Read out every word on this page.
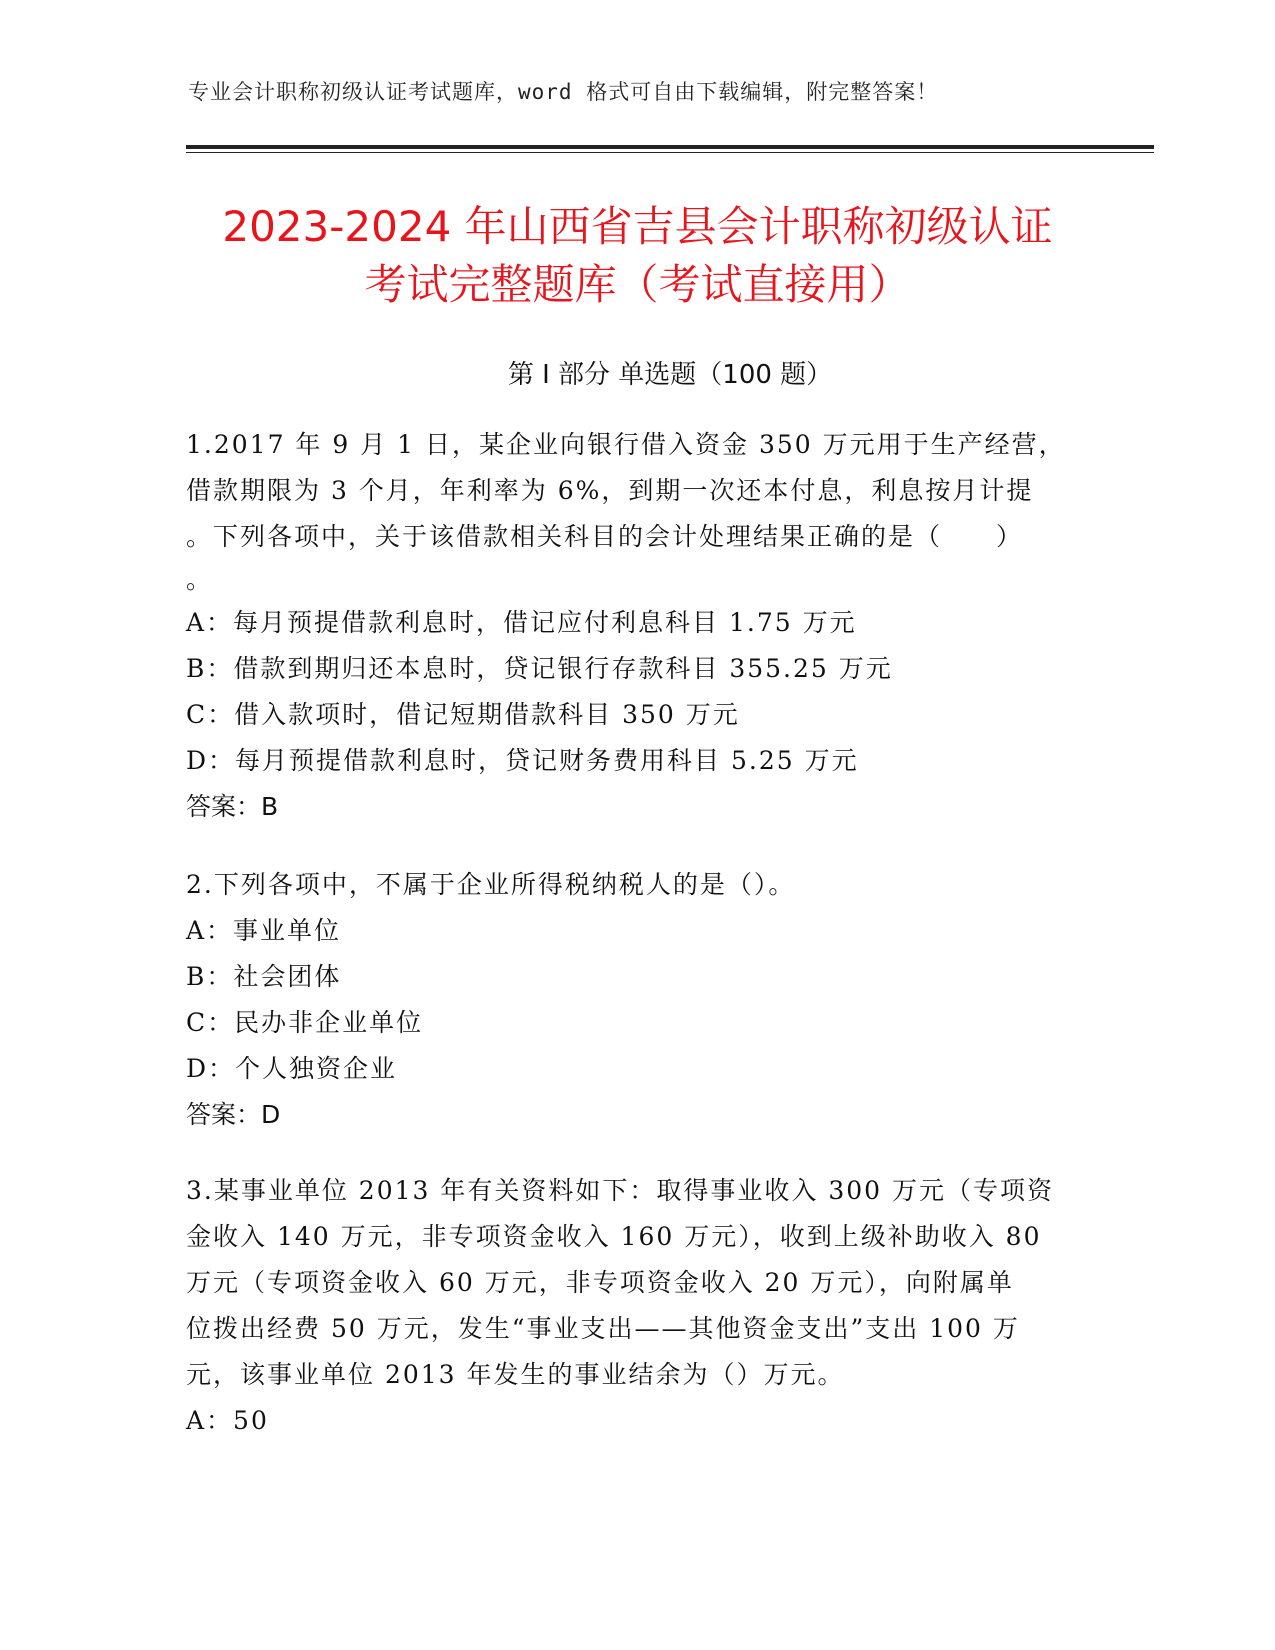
专业会计职称初级认证考试题库，word 格式可自由下载编辑，附完整答案！
2023-2024 年山西省吉县会计职称初级认证
考试完整题库（考试直接用）
第 I 部分 单选题（100 题）
1.2017 年 9 月 1 日，某企业向银行借入资金 350 万元用于生产经营，
借款期限为 3 个月，年利率为 6%，到期一次还本付息，利息按月计提
。下列各项中，关于该借款相关科目的会计处理结果正确的是（　　）
。
A：每月预提借款利息时，借记应付利息科目 1.75 万元
B：借款到期归还本息时，贷记银行存款科目 355.25 万元
C：借入款项时，借记短期借款科目 350 万元
D：每月预提借款利息时，贷记财务费用科目 5.25 万元
答案：B
2.下列各项中，不属于企业所得税纳税人的是（）。
A：事业单位
B：社会团体
C：民办非企业单位
D：个人独资企业
答案：D
3.某事业单位 2013 年有关资料如下：取得事业收入 300 万元（专项资
金收入 140 万元，非专项资金收入 160 万元），收到上级补助收入 80
万元（专项资金收入 60 万元，非专项资金收入 20 万元），向附属单
位拨出经费 50 万元，发生“事业支出——其他资金支出”支出 100 万
元，该事业单位 2013 年发生的事业结余为（）万元。
A：50
